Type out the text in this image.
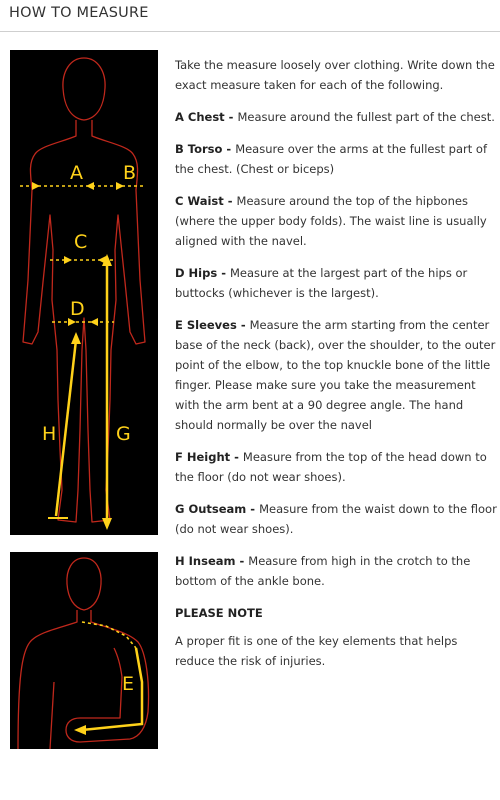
HOW TO MEASURE
A B
C
D
H	G
E

Take the measure loosely over clothing. Write down the exact measure taken for each of the following.

A Chest - Measure around the fullest part of the chest.

B Torso - Measure over the arms at the fullest part of the chest. (Chest or biceps)

C Waist - Measure around the top of the hipbones (where the upper body folds). The waist line is usually aligned with the navel.

D Hips - Measure at the largest part of the hips or buttocks (whichever is the largest).

E Sleeves - Measure the arm starting from the center base of the neck (back), over the shoulder, to the outer point of the elbow, to the top knuckle bone of the little finger. Please make sure you take the measurement with the arm bent at a 90 degree angle. The hand should normally be over the navel

F Height - Measure from the top of the head down to the floor (do not wear shoes).

G Outseam - Measure from the waist down to the floor (do not wear shoes).

H Inseam - Measure from high in the crotch to the bottom of the ankle bone.

PLEASE NOTE

A proper fit is one of the key elements that helps reduce the risk of injuries.
